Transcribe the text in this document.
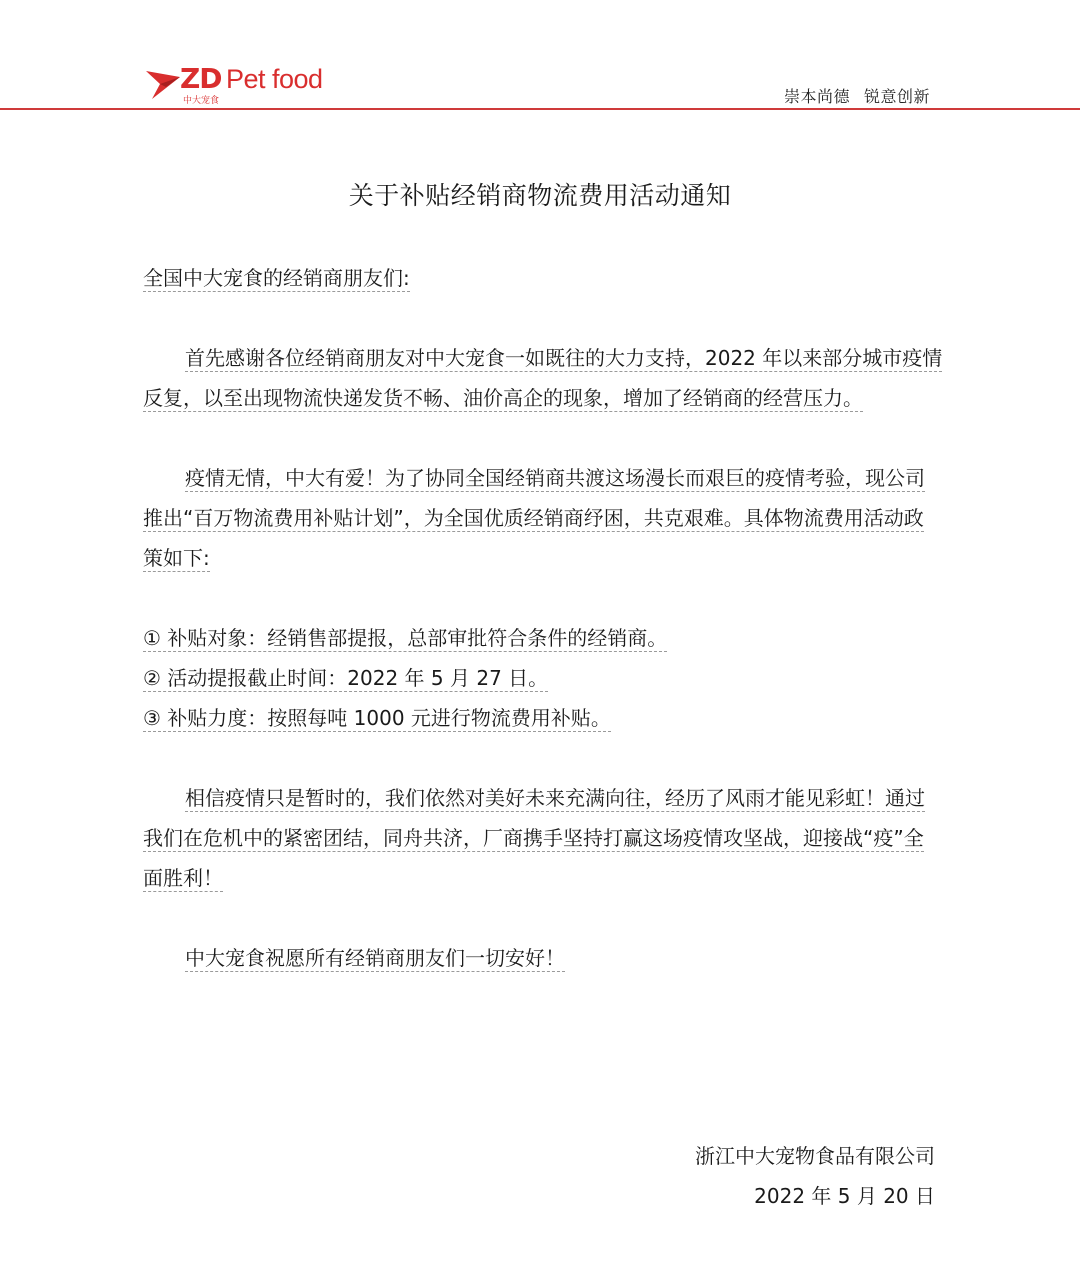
ZD Pet food
中大宠食	崇本尚德 锐意创新
关于补贴经销商物流费用活动通知

全国中大宠食的经销商朋友们:

首先感谢各位经销商朋友对中大宠食一如既往的大力支持，2022 年以来部分城市疫情反复，以至出现物流快递发货不畅、油价高企的现象，增加了经销商的经营压力。

疫情无情，中大有爱！为了协同全国经销商共渡这场漫长而艰巨的疫情考验，现公司推出“百万物流费用补贴计划”，为全国优质经销商纾困，共克艰难。具体物流费用活动政策如下:

① 补贴对象：经销售部提报，总部审批符合条件的经销商。

② 活动提报截止时间：2022 年 5 月 27 日。

③ 补贴力度：按照每吨 1000 元进行物流费用补贴。

相信疫情只是暂时的，我们依然对美好未来充满向往，经历了风雨才能见彩虹！通过我们在危机中的紧密团结，同舟共济，厂商携手坚持打赢这场疫情攻坚战，迎接战“疫”全面胜利！

中大宠食祝愿所有经销商朋友们一切安好！

浙江中大宠物食品有限公司
2022 年 5 月 20 日
